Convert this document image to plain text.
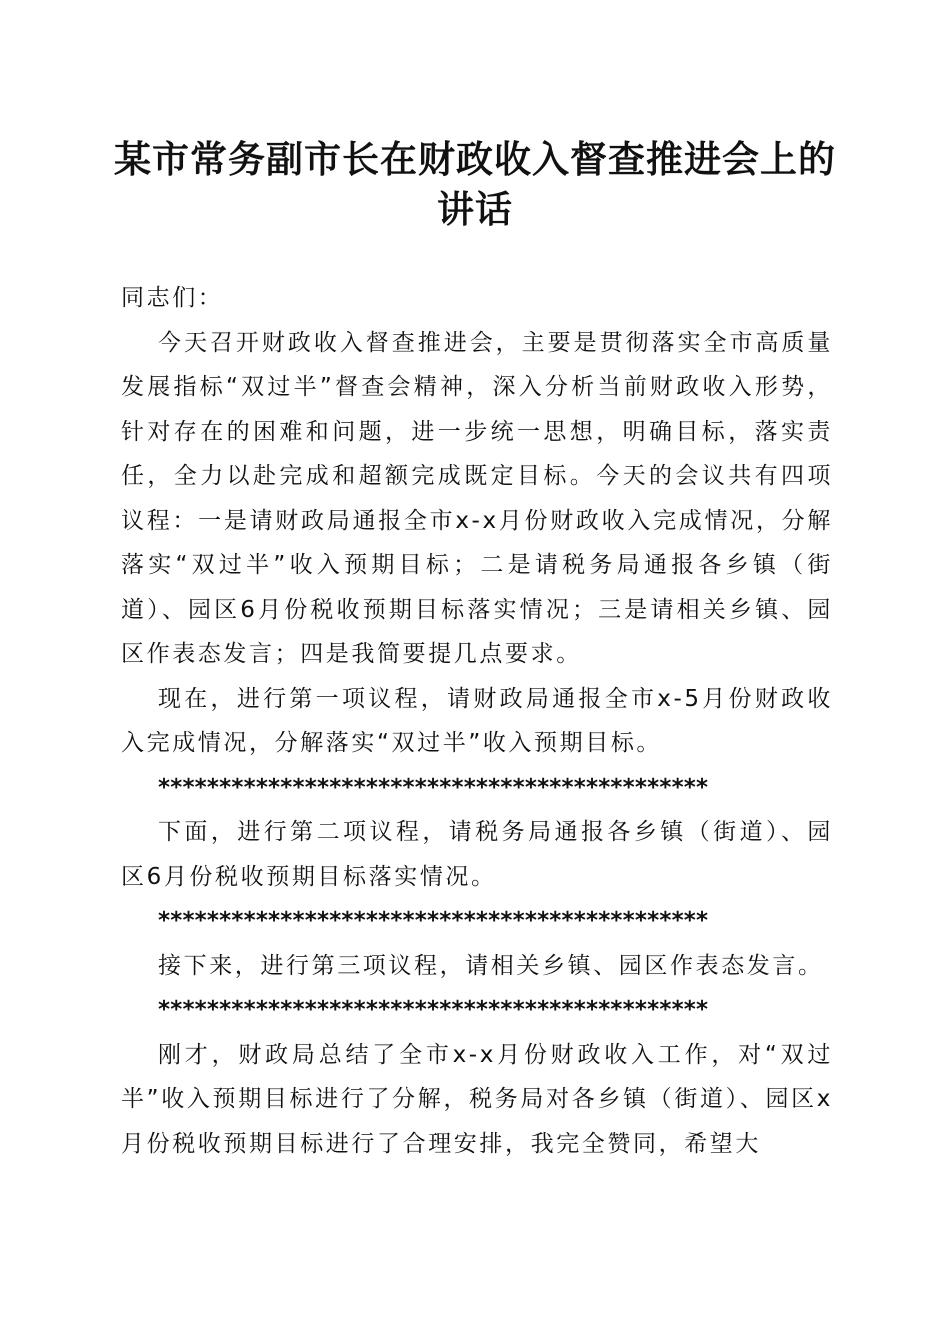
某市常务副市长在财政收入督查推进会上的讲话

同志们：

今天召开财政收入督查推进会，主要是贯彻落实全市高质量发展指标“双过半”督查会精神，深入分析当前财政收入形势，针对存在的困难和问题，进一步统一思想，明确目标，落实责任，全力以赴完成和超额完成既定目标。今天的会议共有四项议程：一是请财政局通报全市x-x月份财政收入完成情况，分解落实“双过半”收入预期目标；二是请税务局通报各乡镇（街道）、园区6月份税收预期目标落实情况；三是请相关乡镇、园区作表态发言；四是我简要提几点要求。

现在，进行第一项议程，请财政局通报全市x-5月份财政收入完成情况，分解落实“双过半”收入预期目标。

*********************************************

下面，进行第二项议程，请税务局通报各乡镇（街道）、园区6月份税收预期目标落实情况。

*********************************************

接下来，进行第三项议程，请相关乡镇、园区作表态发言。

*********************************************

刚才，财政局总结了全市x-x月份财政收入工作，对“双过半”收入预期目标进行了分解，税务局对各乡镇（街道）、园区x月份税收预期目标进行了合理安排，我完全赞同，希望大
